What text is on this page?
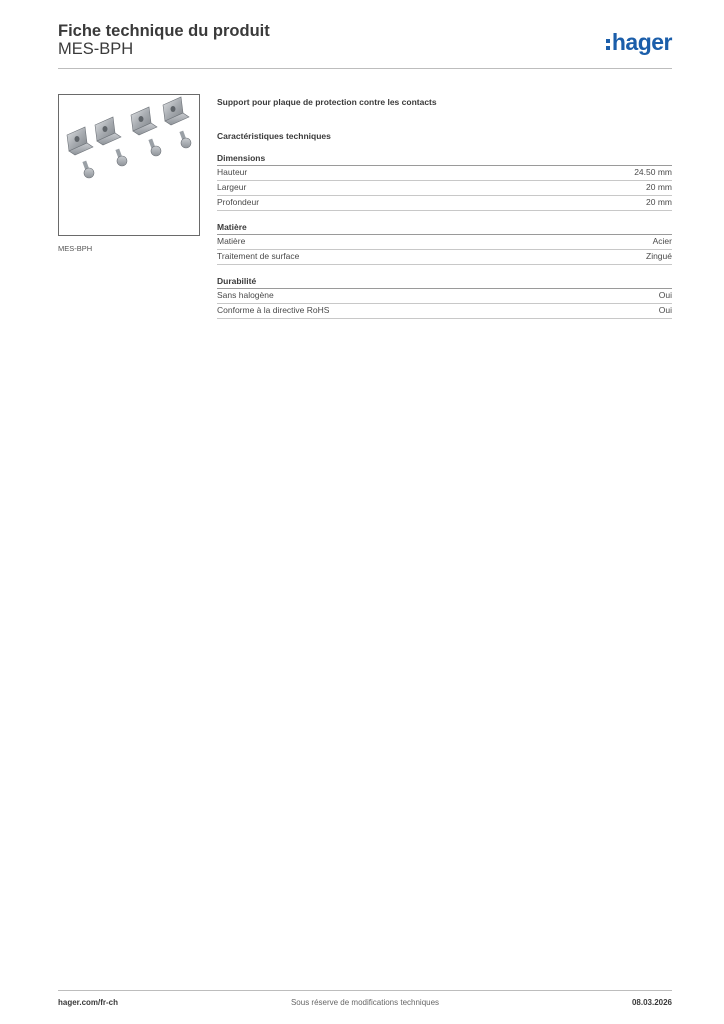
Fiche technique du produit
MES-BPH	hager
MES-BPH
Support pour plaque de protection contre les contacts
Caractéristiques techniques
Dimensions
Hauteur	24.50 mm
Largeur	20 mm
Profondeur	20 mm
Matière
Matière	Acier
Traitement de surface	Zingué
Durabilité
Sans halogène	Oui
Conforme à la directive RoHS	Oui
hager.com/fr-ch	Sous réserve de modifications techniques	08.03.2026
